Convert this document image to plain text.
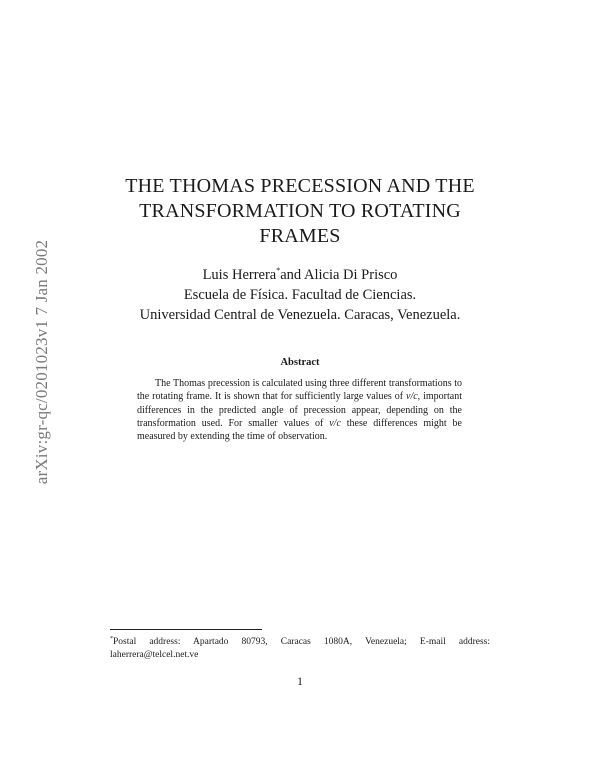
arXiv:gr-qc/0201023v1 7 Jan 2002
THE THOMAS PRECESSION AND THE
TRANSFORMATION TO ROTATING
FRAMES
Luis Herrera*and Alicia Di Prisco
Escuela de Física. Facultad de Ciencias.
Universidad Central de Venezuela. Caracas, Venezuela.
Abstract
The Thomas precession is calculated using three different transformations to the rotating frame. It is shown that for sufficiently large values of v/c, important differences in the predicted angle of precession appear, depending on the transformation used. For smaller values of v/c these differences might be measured by extending the time of observation.
*Postal address: Apartado 80793, Caracas 1080A, Venezuela; E-mail address: laherrera@telcel.net.ve
1
